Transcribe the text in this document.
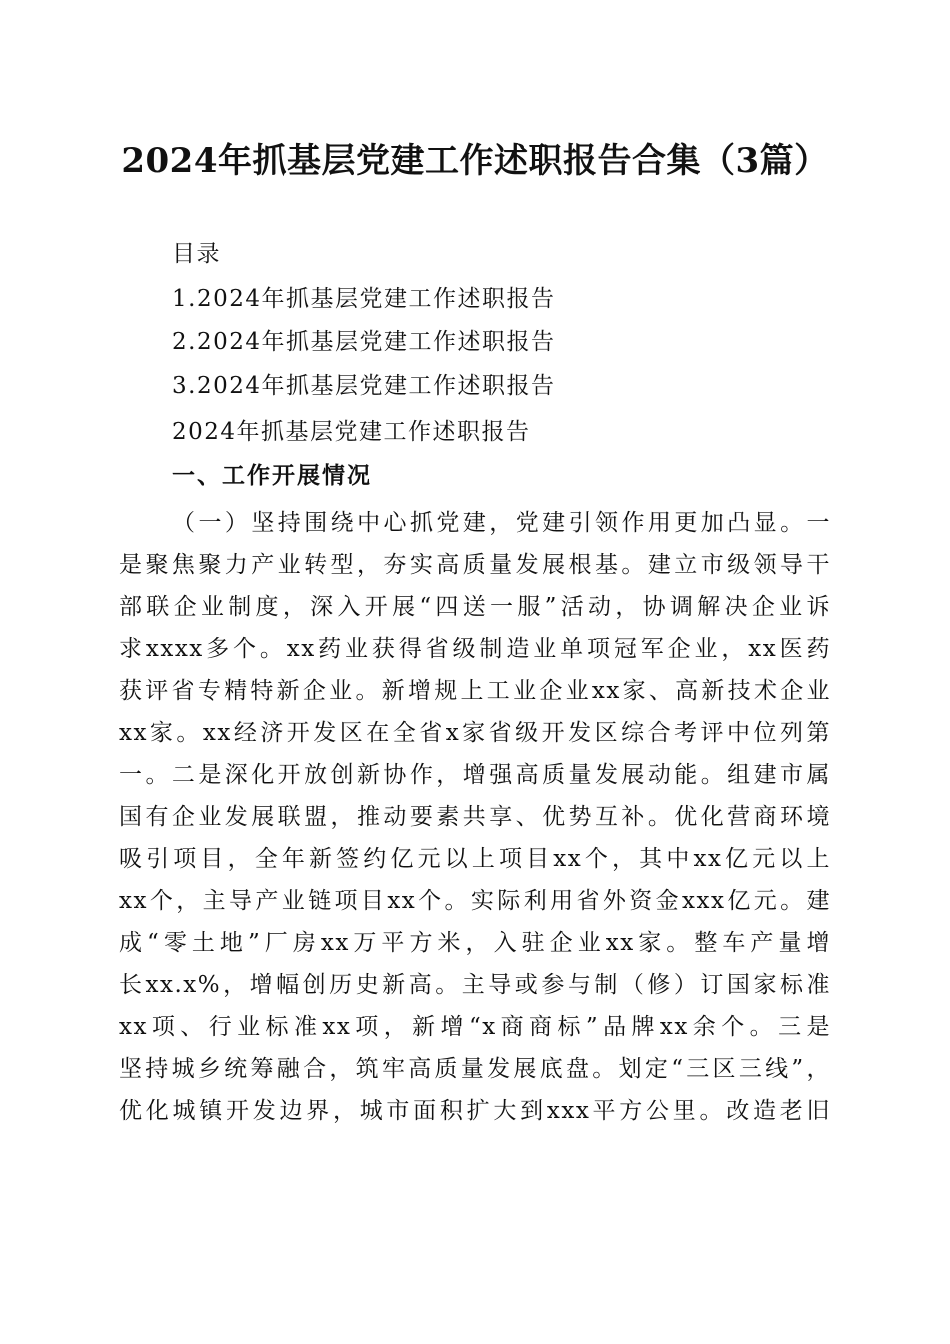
2024年抓基层党建工作述职报告合集（3篇）
目录
1.2024年抓基层党建工作述职报告
2.2024年抓基层党建工作述职报告
3.2024年抓基层党建工作述职报告
2024年抓基层党建工作述职报告
一、工作开展情况
（一）坚持围绕中心抓党建，党建引领作用更加凸显。一
是聚焦聚力产业转型，夯实高质量发展根基。建立市级领导干
部联企业制度，深入开展“四送一服”活动，协调解决企业诉
求xxxx多个。xx药业获得省级制造业单项冠军企业，xx医药
获评省专精特新企业。新增规上工业企业xx家、高新技术企业
xx家。xx经济开发区在全省x家省级开发区综合考评中位列第
一。二是深化开放创新协作，增强高质量发展动能。组建市属
国有企业发展联盟，推动要素共享、优势互补。优化营商环境
吸引项目，全年新签约亿元以上项目xx个，其中xx亿元以上
xx个，主导产业链项目xx个。实际利用省外资金xxx亿元。建
成“零土地”厂房xx万平方米，入驻企业xx家。整车产量增
长xx.x%，增幅创历史新高。主导或参与制（修）订国家标准
xx项、行业标准xx项，新增“x商商标”品牌xx余个。三是
坚持城乡统筹融合，筑牢高质量发展底盘。划定“三区三线”，
优化城镇开发边界，城市面积扩大到xxx平方公里。改造老旧
